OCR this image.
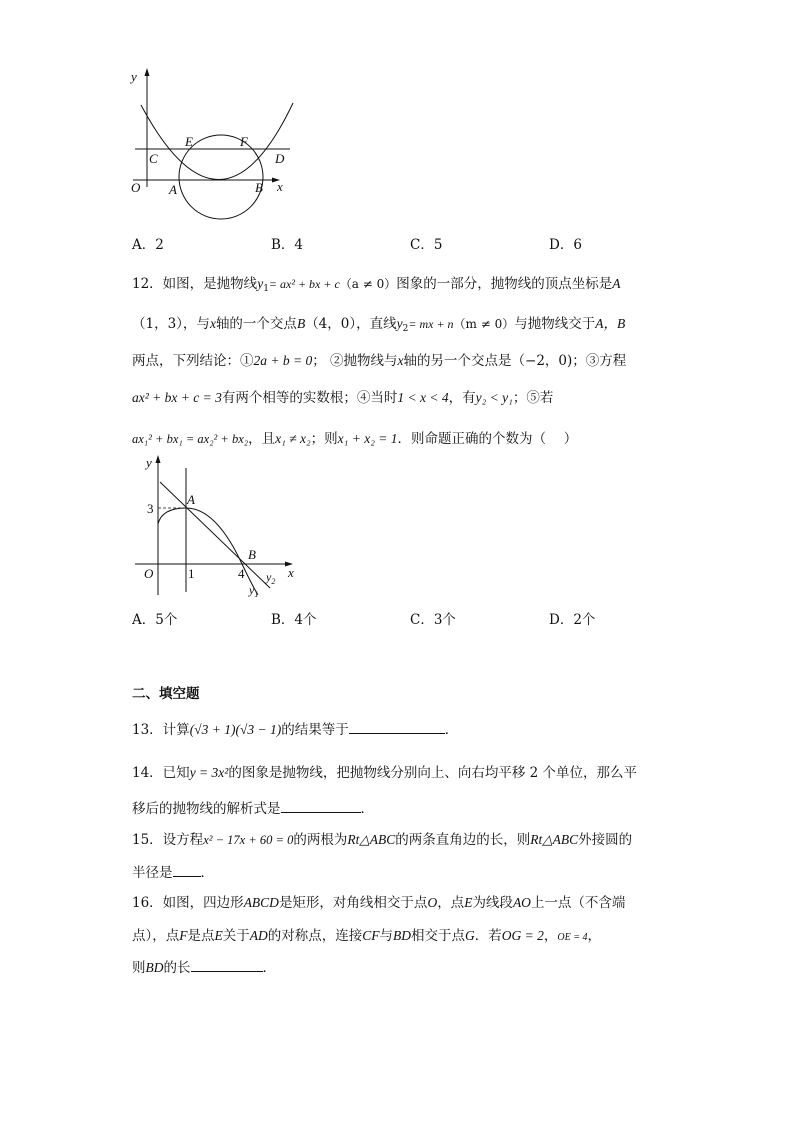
y
x
O A	B
C	D
E	F
A．2	B．4	C．5	D．6
12．如图，是抛物线$y_1= ax^2$ + bx + c（a ≠ 0）图象的一部分，抛物线的顶点坐标是A
（1，3），与x轴的一个交点B（4，0），直线$y_2=$ mx + n（m ≠ 0）与抛物线交于A，B
两点，下列结论：①2a + b = 0； ②抛物线与x轴的另一个交点是（−2，0)；③方程
ax² + bx + c = 3有两个相等的实数根；④当时1 < x < 4，有y₂ < y₁；⑤若
ax₁² + bx₁ = ax₂² + bx₂，且x₁ ≠ x₂；则x₁ + x₂ = 1．则命题正确的个数为（　 ）
y
x
O
3
1	4
A
B
$y_2$
$y_1$
A．5个	B．4个	C．3个	D．2个
二、填空题
13．计算(√3 + 1)(√3 − 1)的结果等于	．
14．已知y = 3x²的图象是抛物线，把抛物线分别向上、向右均平移 2 个单位，那么平
移后的抛物线的解析式是	．
15．设方程x² − 17x + 60 = 0的两根为Rt△ABC的两条直角边的长，则Rt△ABC外接圆的
半径是 ．
16．如图，四边形ABCD是矩形，对角线相交于点O，点E为线段AO上一点（不含端
点），点F是点E关于AD的对称点，连接CF与BD相交于点G．若OG = 2，OE = 4，
则BD的长	．
